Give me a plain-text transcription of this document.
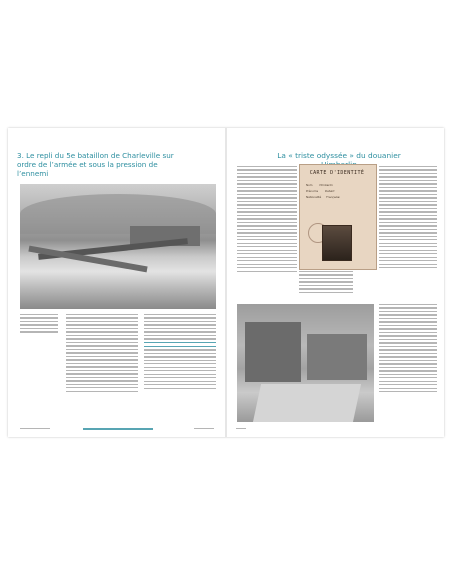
3. Le repli du 5e bataillon de Charleville sur ordre de l’armée et sous la pression de l’ennemi
La « triste odyssée » du douanier
CARTE D'IDENTITÉ
Nom Himberlin
Prénoms Robert
Nationalité Française
